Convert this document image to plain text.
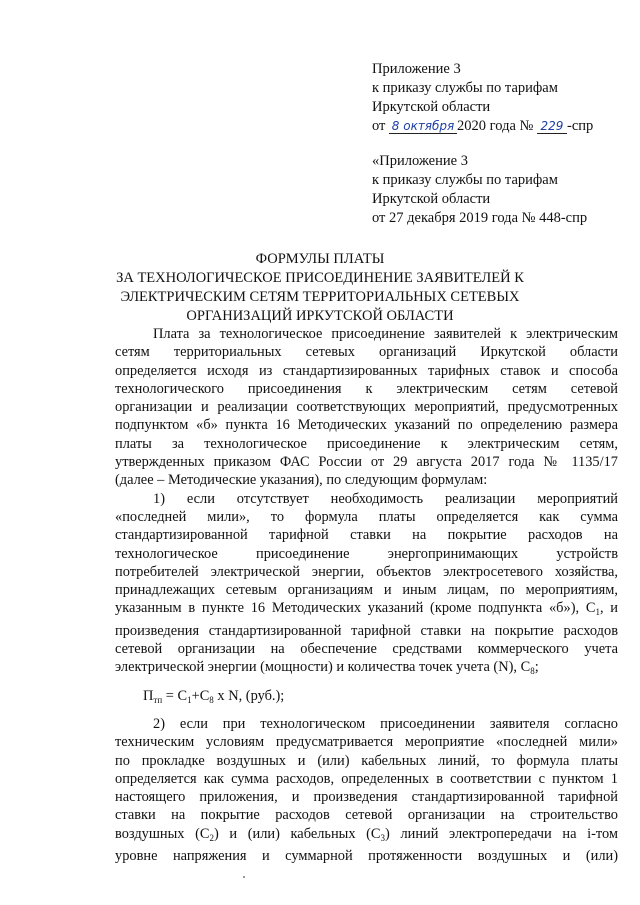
Приложение 3
к приказу службы по тарифам
Иркутской области
от 8 октября 2020 года № 229 -спр
«Приложение 3
к приказу службы по тарифам
Иркутской области
от 27 декабря 2019 года № 448-спр
ФОРМУЛЫ ПЛАТЫ
ЗА ТЕХНОЛОГИЧЕСКОЕ ПРИСОЕДИНЕНИЕ ЗАЯВИТЕЛЕЙ К
ЭЛЕКТРИЧЕСКИМ СЕТЯМ ТЕРРИТОРИАЛЬНЫХ СЕТЕВЫХ
ОРГАНИЗАЦИЙ ИРКУТСКОЙ ОБЛАСТИ
Плата за технологическое присоединение заявителей к электрическим
сетям территориальных сетевых организаций Иркутской области
определяется исходя из стандартизированных тарифных ставок и способа
технологического присоединения к электрическим сетям сетевой
организации и реализации соответствующих мероприятий, предусмотренных
подпунктом «б» пункта 16 Методических указаний по определению размера
платы за технологическое присоединение к электрическим сетям,
утвержденных приказом ФАС России от 29 августа 2017 года № 1135/17
(далее – Методические указания), по следующим формулам:
1) если отсутствует необходимость реализации мероприятий
«последней мили», то формула платы определяется как сумма
стандартизированной тарифной ставки на покрытие расходов на
технологическое присоединение энергопринимающих устройств
потребителей электрической энергии, объектов электросетевого хозяйства,
принадлежащих сетевым организациям и иным лицам, по мероприятиям,
указанным в пункте 16 Методических указаний (кроме подпункта «б»), $С_1$, и
произведения стандартизированной тарифной ставки на покрытие расходов
сетевой организации на обеспечение средствами коммерческого учета
электрической энергии (мощности) и количества точек учета (N), $С_8$;
$П_{тп} = С_1+С_8$ х N, (руб.);
2) если при технологическом присоединении заявителя согласно
техническим условиям предусматривается мероприятие «последней мили»
по прокладке воздушных и (или) кабельных линий, то формула платы
определяется как сумма расходов, определенных в соответствии с пунктом 1
настоящего приложения, и произведения стандартизированной тарифной
ставки на покрытие расходов сетевой организации на строительство
воздушных $(С_2)$ и (или) кабельных $(С_3)$ линий электропередачи на i-том
уровне напряжения и суммарной протяженности воздушных и (или)
